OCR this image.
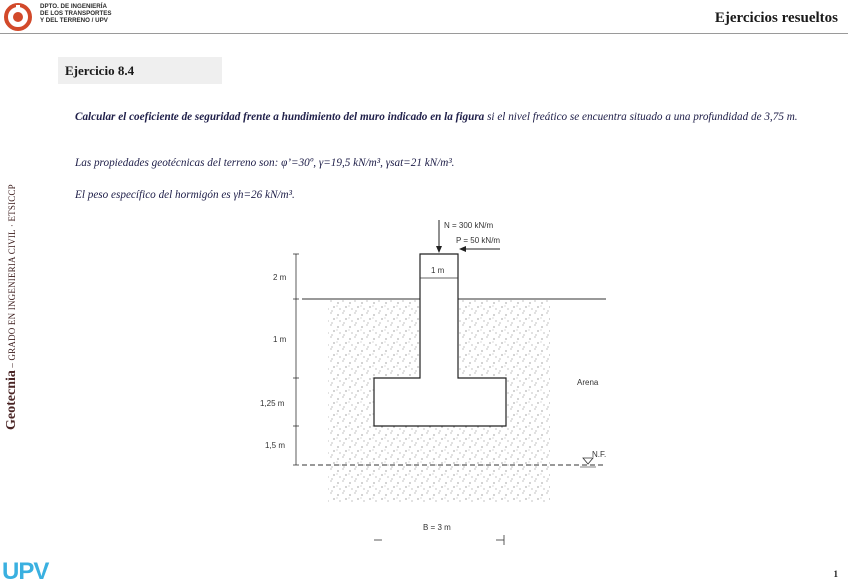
DPTO. DE INGENIERÍA
DE LOS TRANSPORTES
Y DEL TERRENO / UPV	Ejercicios resueltos
Geotecnia – GRADO EN INGENIERIA CIVIL · ETSICCP
Ejercicio 8.4
Calcular el coeficiente de seguridad frente a hundimiento del muro indicado en la figura si el nivel freático se encuentra situado a una profundidad de 3,75 m.
Las propiedades geotécnicas del terreno son: φ’=30º, γ=19,5 kN/m³, γsat=21 kN/m³.
El peso específico del hormigón es γh=26 kN/m³.
N.F.
2 m
1 m
1,25 m
1,5 m
1 m
N = 300 kN/m
P = 50 kN/m
Arena
B = 3 m
UPV	1
